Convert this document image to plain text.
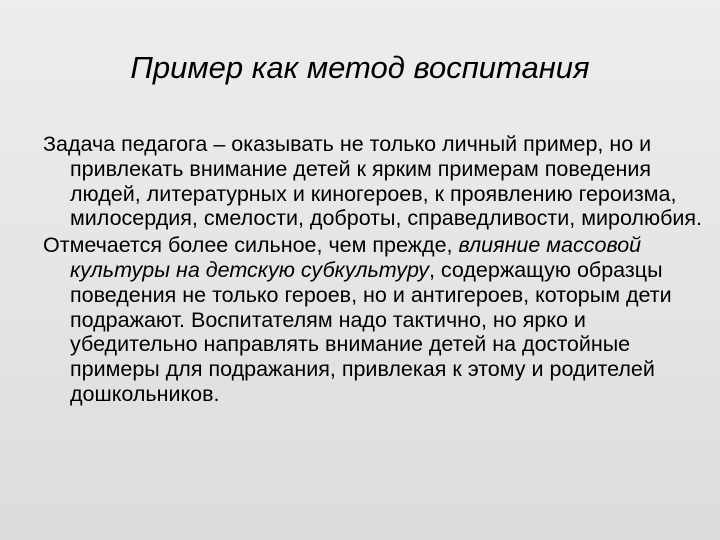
Пример как метод воспитания

Задача педагога – оказывать не только личный пример, но и привлекать внимание детей к ярким примерам поведения людей, литературных и киногероев, к проявлению героизма, милосердия, смелости, доброты, справедливости, миролюбия.

Отмечается более сильное, чем прежде, влияние массовой культуры на детскую субкультуру, содержащую образцы поведения не только героев, но и антигероев, которым дети подражают. Воспитателям надо тактично, но ярко и убедительно направлять внимание детей на достойные примеры для подражания, привлекая к этому и родителей дошкольников.
